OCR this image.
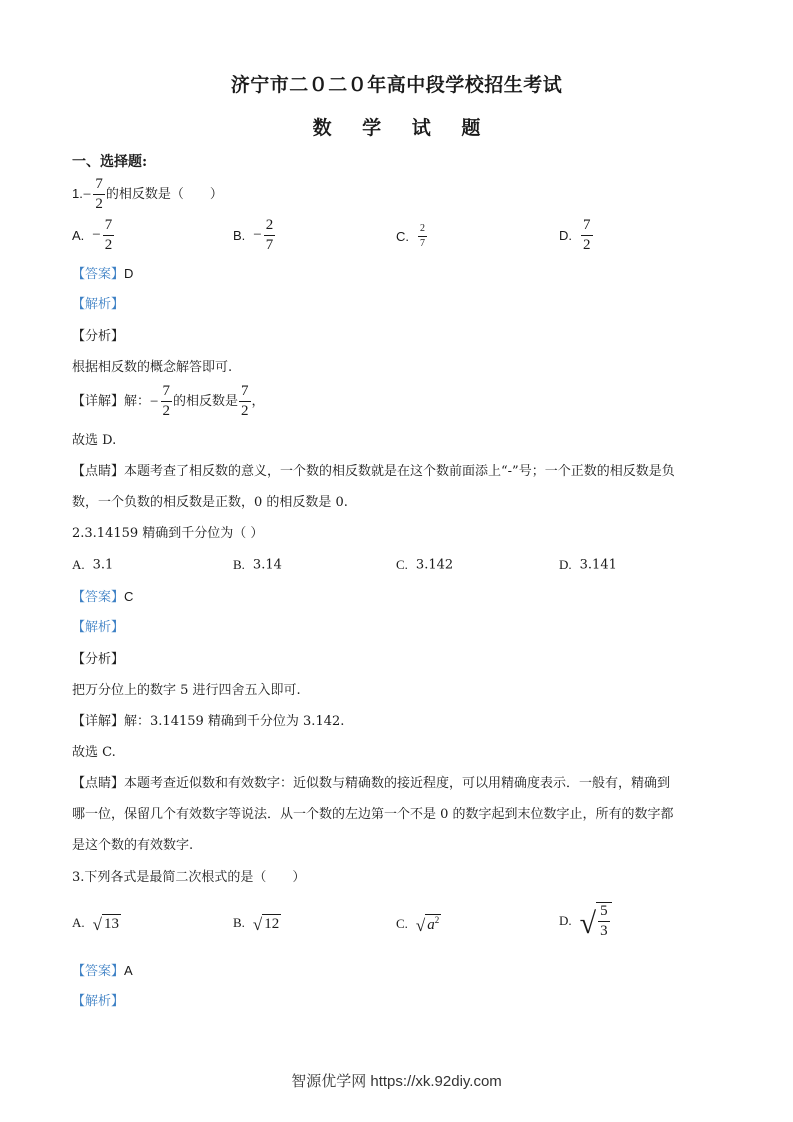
济宁市二０二０年高中段学校招生考试
数 学 试 题
一、选择题:
$1.- \frac{7}{2}$ 的相反数是（　　）
A. − $\frac{7}{2}$	B. − $\frac{2}{7}$	C. $\frac{2}{7}$	D. $\frac{7}{2}$
【答案】D
【解析】
【分析】
根据相反数的概念解答即可.
【详解】解：− $\frac{7}{2}$ 的相反数是 $\frac{7}{2}$ ，
故选 D.
【点睛】本题考查了相反数的意义，一个数的相反数就是在这个数前面添上“-”号；一个正数的相反数是负
数，一个负数的相反数是正数，0 的相反数是 0.
2.3.14159 精确到千分位为（ ）
A. 3.1	B. 3.14	C. 3.142	D. 3.141
【答案】C
【解析】
【分析】
把万分位上的数字 5 进行四舍五入即可.
【详解】解：3.14159 精确到千分位为 3.142.
故选 C.
【点睛】本题考查近似数和有效数字：近似数与精确数的接近程度，可以用精确度表示．一般有，精确到
哪一位，保留几个有效数字等说法．从一个数的左边第一个不是 0 的数字起到末位数字止，所有的数字都
是这个数的有效数字.
3.下列各式是最简二次根式的是（　　）
A. √ 13	B. √ 12	C. √ $a^2$	D. √ $\frac{5}{3}$
【答案】A
【解析】
智源优学网 https://xk.92diy.com
